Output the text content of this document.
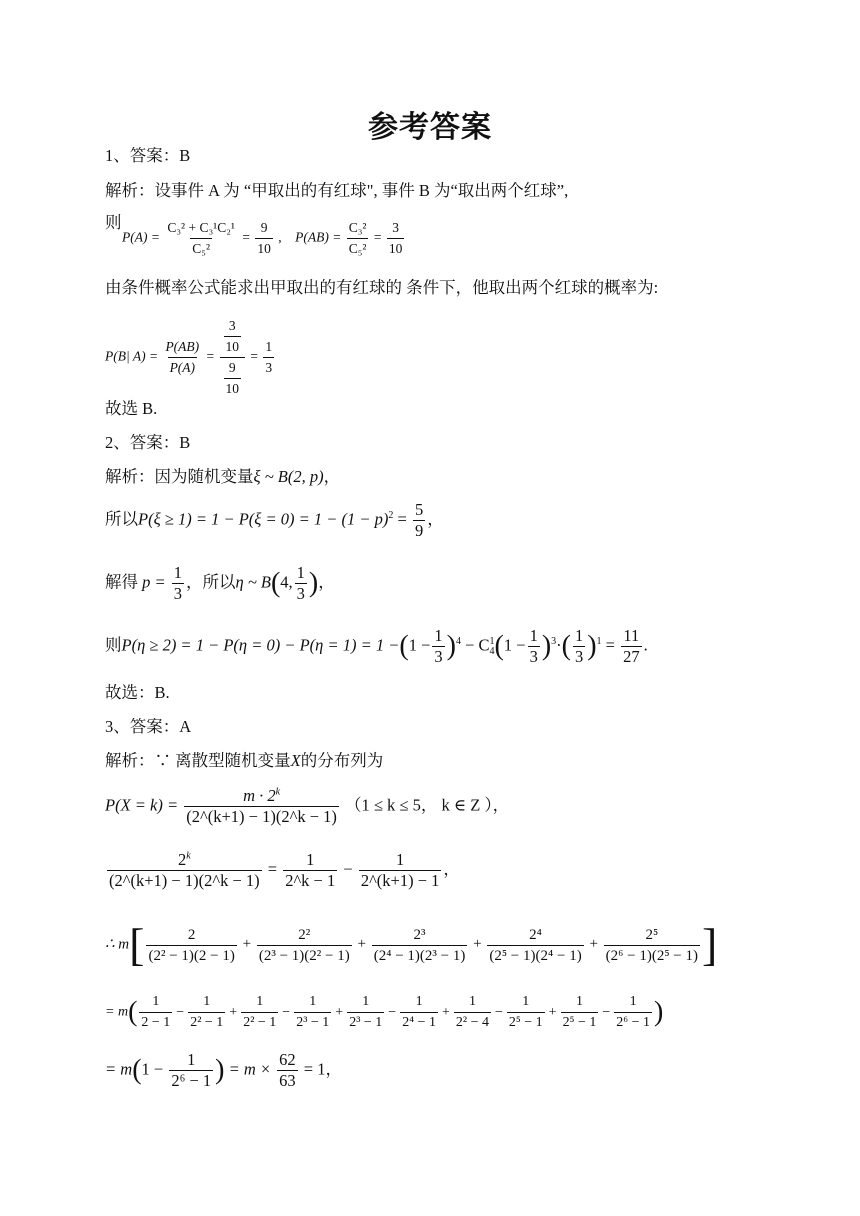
参考答案
1、答案：B
解析：设事件 A 为 “甲取出的有红球", 事件 B 为“取出两个红球”,
则
$P(A) = \frac{\text{C₃² + C₃¹C₂¹}}{\text{C₅²}} = \frac{9}{10}$ , $P(AB) = \frac{\text{C₃²}}{\text{C₅²}} = \frac{3}{10}$
由条件概率公式能求出甲取出的有红球的 条件下，他取出两个红球的概率为:
P(B| $A) = \frac{P(AB)}{P(A)} = \frac{\frac{3}{10}}{\frac{9}{10}} = \frac{1}{3}$
故选 B.
2、答案：B
解析：因为随机变量ξ ~ B(2, p)，
所以$P(\xi \ge 1) = 1 - P(\xi = 0) = 1 - (1 - p)^2 = \frac{5}{9}$ ，
解得 $p = \frac{1}{3}$ ，所以η ~ B(4, $\frac{1}{3}$ )，
则$P(\eta \ge 2) = 1 - P(\eta = 0) - P(\eta = 1) = 1 -(1 - \frac{1}{3} )^4 - C$ 1
4 $(1 - \frac{1}{3} )^3\cdot( \frac{1}{3} )^1 = \frac{11}{27}$ .
故选：B.
3、答案：A
解析：∵ 离散型随机变量X的分布列为
$P(X = k) = \frac{m \cdot 2^k}{(2\^{}(k+1) - 1)(2\^{}k - 1)} (1 \le k \le 5$， k ∈ Z ），
$\frac{2^k}{(2\^{}(k+1) - 1)(2\^{}k - 1)} = \frac{1}{2\^{}k - 1} - \frac{1}{2\^{}(k+1) - 1}$ ，
∴ $m[ \frac{2}{\text{(2² − 1)(2 − 1)}} + \frac{\text{2²}}{\text{(2³ − 1)(2² − 1)}} + \frac{\text{2³}}{\text{(2⁴ − 1)(2³ − 1)}} + \frac{\text{2⁴}}{\text{(2⁵ − 1)(2⁴ − 1)}} + \frac{\text{2⁵}}{\text{(2⁶ − 1)(2⁵ − 1)}}$ ]
= $m( \frac{1}{2 - 1} - \frac{1}{\text{2² − 1}} + \frac{1}{\text{2² − 1}} - \frac{1}{\text{2³ − 1}} + \frac{1}{\text{2³ − 1}} - \frac{1}{\text{2⁴ − 1}} + \frac{1}{\text{2² − 4}} - \frac{1}{\text{2⁵ − 1}} + \frac{1}{\text{2⁵ − 1}} - \frac{1}{\text{2⁶ − 1}}$ )
= $m(1 - \frac{1}{\text{2⁶ − 1}}$ ) = $m \times \frac{62}{63} = 1$，
